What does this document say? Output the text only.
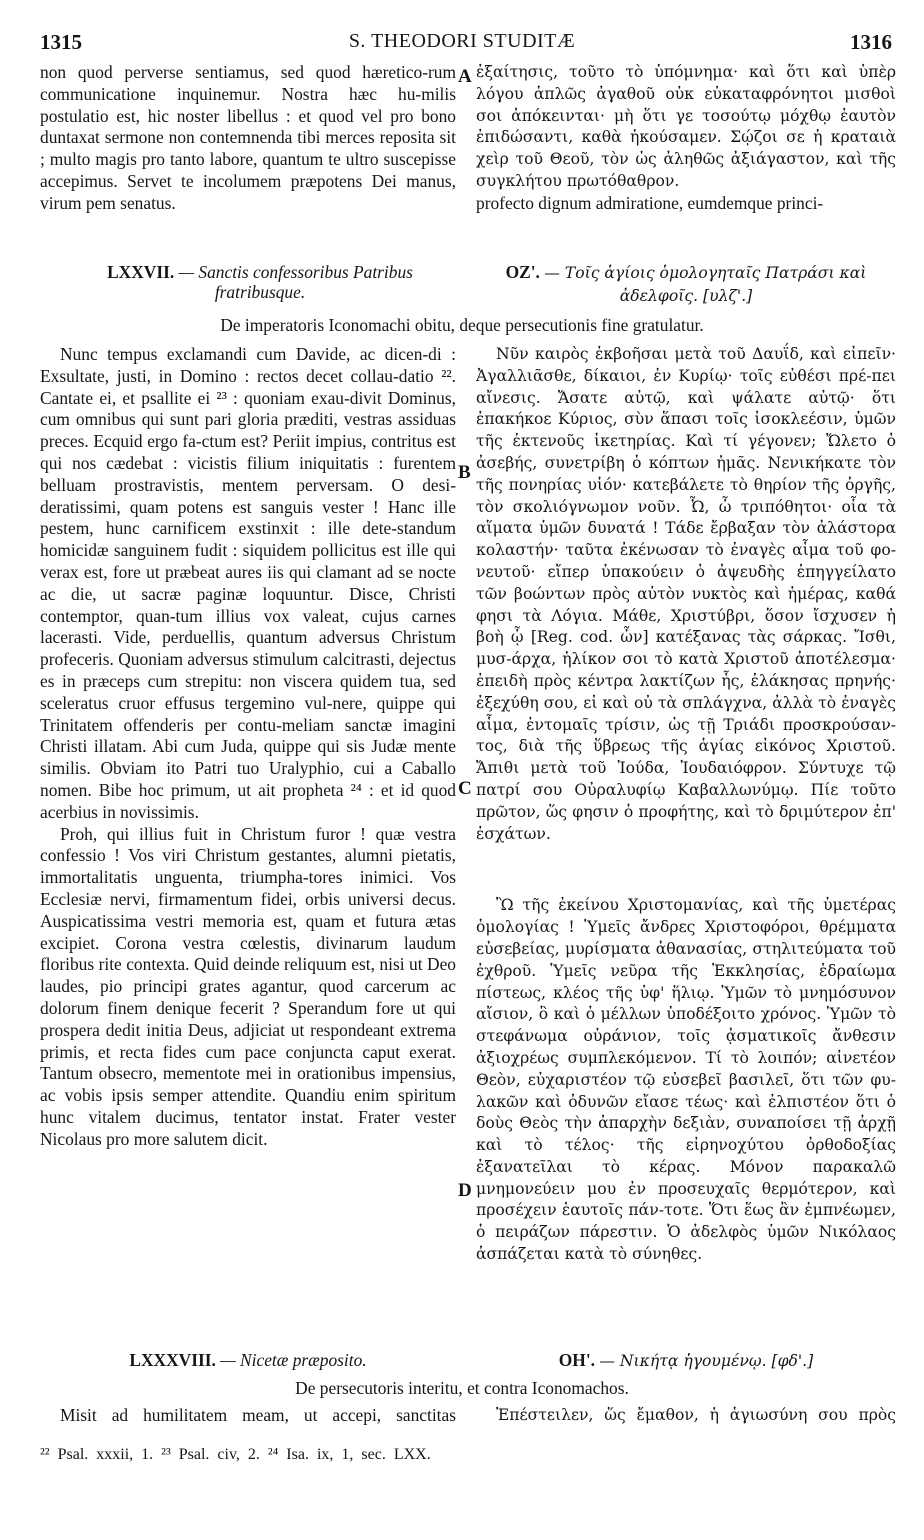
1315	S. THEODORI STUDITÆ	1316

non quod perverse sentiamus, sed quod hæretico-rum communicatione inquinemur. Nostra hæc hu-milis postulatio est, hic noster libellus : et quod vel pro bono duntaxat sermone non contemnenda tibi merces reposita sit ; multo magis pro tanto labore, quantum te ultro suscepisse accepimus. Servet te incolumem præpotens Dei manus, virum pem senatus.

ἐξαίτησις, τοῦτο τὸ ὑπόμνημα· καὶ ὅτι καὶ ὑπὲρ λόγου ἁπλῶς ἀγαθοῦ οὐκ εὐκαταφρόνητοι μισθοὶ σοι ἀπόκεινται· μὴ ὅτι γε τοσούτῳ μόχθῳ ἑαυτὸν ἐπιδώσαντι, καθὰ ἠκούσαμεν. Σῴζοι σε ἡ κραταιὰ χεὶρ τοῦ Θεοῦ, τὸν ὡς ἀληθῶς ἀξιάγαστον, καὶ τῆς συγκλήτου πρωτόθαθρον.

profecto dignum admiratione, eumdemque princi-

A
LXXVII. — Sanctis confessoribus Patribus fratribusque.
ΟΖ'. — Τοῖς ἁγίοις ὁμολογηταῖς Πατράσι καὶ ἀδελφοῖς. [υλζ'.]
De imperatoris Iconomachi obitu, deque persecutionis fine gratulatur.

Nunc tempus exclamandi cum Davide, ac dicen-di : Exsultate, justi, in Domino : rectos decet collau-datio ²². Cantate ei, et psallite ei ²³ : quoniam exau-divit Dominus, cum omnibus qui sunt pari gloria præditi, vestras assiduas preces. Ecquid ergo fa-ctum est? Periit impius, contritus est qui nos cædebat : vicistis filium iniquitatis : furentem belluam prostravistis, mentem perversam. O desi-deratissimi, quam potens est sanguis vester ! Hanc ille pestem, hunc carnificem exstinxit : ille dete-standum homicidæ sanguinem fudit : siquidem pollicitus est ille qui verax est, fore ut præbeat aures iis qui clamant ad se nocte ac die, ut sacræ paginæ loquuntur. Disce, Christi contemptor, quan-tum illius vox valeat, cujus carnes lacerasti. Vide, perduellis, quantum adversus Christum profeceris. Quoniam adversus stimulum calcitrasti, dejectus es in præceps cum strepitu: non viscera quidem tua, sed sceleratus cruor effusus tergemino vul-nere, quippe qui Trinitatem offenderis per contu-meliam sanctæ imagini Christi illatam. Abi cum Juda, quippe qui sis Judæ mente similis. Obviam ito Patri tuo Uralyphio, cui a Caballo nomen. Bibe hoc primum, ut ait propheta ²⁴ : et id quod acerbius in novissimis.

Proh, qui illius fuit in Christum furor ! quæ vestra confessio ! Vos viri Christum gestantes, alumni pietatis, immortalitatis unguenta, triumpha-tores inimici. Vos Ecclesiæ nervi, firmamentum fidei, orbis universi decus. Auspicatissima vestri memoria est, quam et futura ætas excipiet. Corona vestra cœlestis, divinarum laudum floribus rite contexta. Quid deinde reliquum est, nisi ut Deo laudes, pio principi grates agantur, quod carcerum ac dolorum finem denique fecerit ? Sperandum fore ut qui prospera dedit initia Deus, adjiciat ut respondeant extrema primis, et recta fides cum pace conjuncta caput exerat. Tantum obsecro, mementote mei in orationibus impensius, ac vobis ipsis semper attendite. Quandiu enim spiritum hunc vitalem ducimus, tentator instat. Frater vester Nicolaus pro more salutem dicit.

Νῦν καιρὸς ἐκβοῆσαι μετὰ τοῦ Δαυΐδ, καὶ εἰπεῖν· Ἀγαλλιᾶσθε, δίκαιοι, ἐν Κυρίῳ· τοῖς εὐθέσι πρέ-πει αἴνεσις. Ἄσατε αὐτῷ, καὶ ψάλατε αὐτῷ· ὅτι ἐπακήκοε Κύριος, σὺν ἅπασι τοῖς ἰσοκλεέσιν, ὑμῶν τῆς ἐκτενοῦς ἱκετηρίας. Καὶ τί γέγονεν; Ὤλετο ὁ ἀσεβής, συνετρίβη ὁ κόπτων ἡμᾶς. Νενικήκατε τὸν τῆς πονηρίας υἱόν· κατεβάλετε τὸ θηρίον τῆς ὀργῆς, τὸν σκολιόγνωμον νοῦν. Ὦ, ὦ τριπόθητοι· οἷα τὰ αἵματα ὑμῶν δυνατά ! Τάδε ἔρβαξαν τὸν ἀλάστορα κολαστήν· ταῦτα ἐκένωσαν τὸ ἐναγὲς αἷμα τοῦ φο-νευτοῦ· εἴπερ ὑπακούειν ὁ ἀψευδὴς ἐπηγγείλατο τῶν βοώντων πρὸς αὐτὸν νυκτὸς καὶ ἡμέρας, καθά φησι τὰ Λόγια. Μάθε, Χριστύβρι, ὅσον ἴσχυσεν ἡ βοὴ ᾧ [Reg. cod. ὧν] κατέξανας τὰς σάρκας. Ἴσθι, μυσ-άρχα, ἡλίκον σοι τὸ κατὰ Χριστοῦ ἀποτέλεσμα· ἐπειδὴ πρὸς κέντρα λακτίζων ἧς, ἐλάκησας πρηνής· ἐξεχύθη σου, εἰ καὶ οὐ τὰ σπλάγχνα, ἀλλὰ τὸ ἐναγὲς αἷμα, ἐντομαῖς τρίσιν, ὡς τῇ Τριάδι προσκρούσαν-τος, διὰ τῆς ὕβρεως τῆς ἁγίας εἰκόνος Χριστοῦ. Ἄπιθι μετὰ τοῦ Ἰούδα, Ἰουδαιόφρον. Σύντυχε τῷ πατρί σου Οὐραλυφίῳ Καβαλλωνύμῳ. Πίε τοῦτο πρῶτον, ὥς φησιν ὁ προφήτης, καὶ τὸ δριμύτερον ἐπ' ἐσχάτων.

Ὢ τῆς ἐκείνου Χριστομανίας, καὶ τῆς ὑμετέρας ὁμολογίας ! Ὑμεῖς ἄνδρες Χριστοφόροι, θρέμματα εὐσεβείας, μυρίσματα ἀθανασίας, στηλιτεύματα τοῦ ἐχθροῦ. Ὑμεῖς νεῦρα τῆς Ἐκκλησίας, ἑδραίωμα πίστεως, κλέος τῆς ὑφ' ἥλιῳ. Ὑμῶν τὸ μνημόσυνον αἴσιον, ὃ καὶ ὁ μέλλων ὑποδέξοιτο χρόνος. Ὑμῶν τὸ στεφάνωμα οὐράνιον, τοῖς ᾀσματικοῖς ἄνθεσιν ἀξιοχρέως συμπλεκόμενον. Τί τὸ λοιπόν; αἰνετέον Θεὸν, εὐχαριστέον τῷ εὐσεβεῖ βασιλεῖ, ὅτι τῶν φυ-λακῶν καὶ ὀδυνῶν εἴασε τέως· καὶ ἐλπιστέον ὅτι ὁ δοὺς Θεὸς τὴν ἀπαρχὴν δεξιὰν, συναποίσει τῇ ἀρχῇ καὶ τὸ τέλος· τῆς εἰρηνοχύτου ὀρθοδοξίας ἐξανατεῖλαι τὸ κέρας. Μόνον παρακαλῶ μνημονεύειν μου ἐν προσευχαῖς θερμότερον, καὶ προσέχειν ἑαυτοῖς πάν-τοτε. Ὅτι ἕως ἂν ἐμπνέωμεν, ὁ πειράζων πάρεστιν. Ὁ ἀδελφὸς ὑμῶν Νικόλαος ἀσπάζεται κατὰ τὸ σύνηθες.

B
C
D
LXXXVIII. — Nicetæ præposito.	ΟΗ'. — Νικήτᾳ ἡγουμένῳ. [φδ'.]
De persecutoris interitu, et contra Iconomachos.

Misit ad humilitatem meam, ut accepi, sanctitas	Ἐπέστειλεν, ὥς ἔμαθον, ἡ ἁγιωσύνη σου πρὸς

²² Psal. xxxii, 1. ²³ Psal. civ, 2. ²⁴ Isa. ix, 1, sec. LXX.
